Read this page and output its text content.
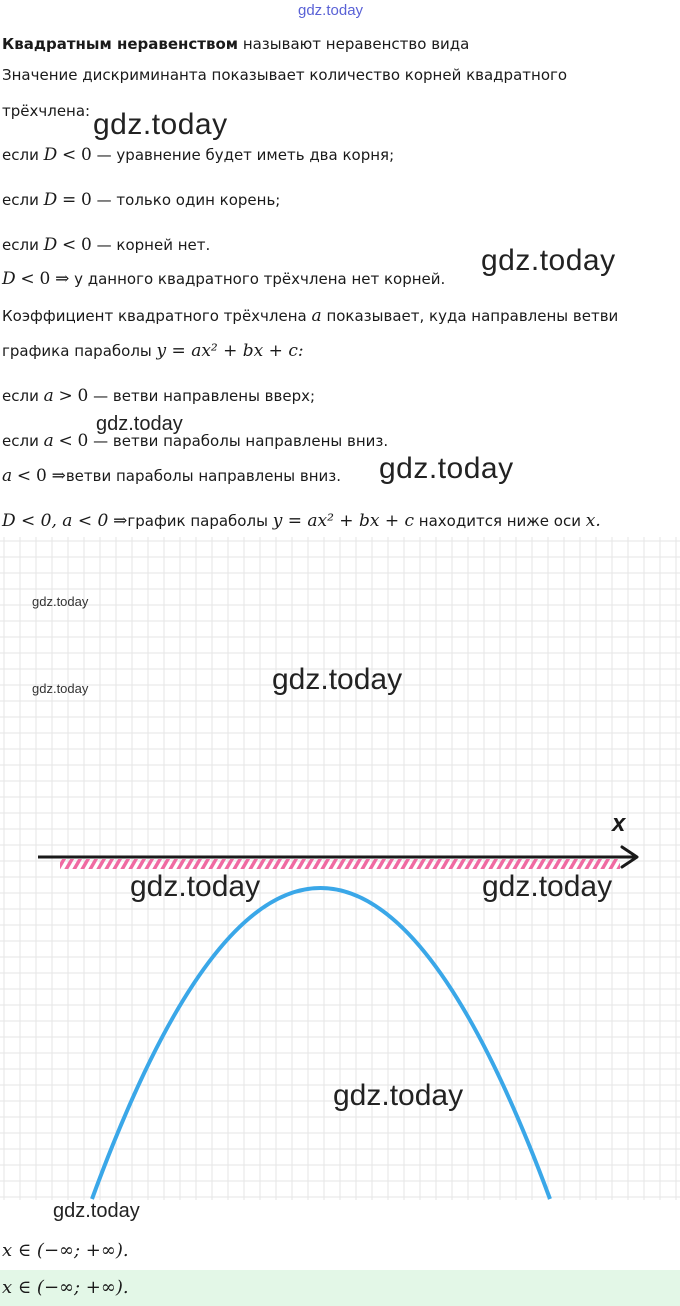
gdz.today
Квадратным неравенством называют неравенство вида
Значение дискриминанта показывает количество корней квадратного
трёхчлена: gdz.today
если D < 0 — уравнение будет иметь два корня;
если D = 0 — только один корень;
если D < 0 — корней нет.
D < 0 ⇒ у данного квадратного трёхчлена нет корней.
gdz.today
Коэффициент квадратного трёхчлена a показывает, куда направлены ветви
графика параболы y = ax² + bx + c:
если a > 0 — ветви направлены вверх;
gdz.today
если a < 0 — ветви параболы направлены вниз.
a < 0 ⇒ветви параболы направлены вниз. gdz.today
D < 0, a < 0 ⇒график параболы y = ax² + bx + c находится ниже оси x.
x
gdz.today
gdz.today	gdz.today
gdz.today	gdz.today
gdz.today
gdz.today
x ∈ (−∞; +∞).
x ∈ (−∞; +∞).
